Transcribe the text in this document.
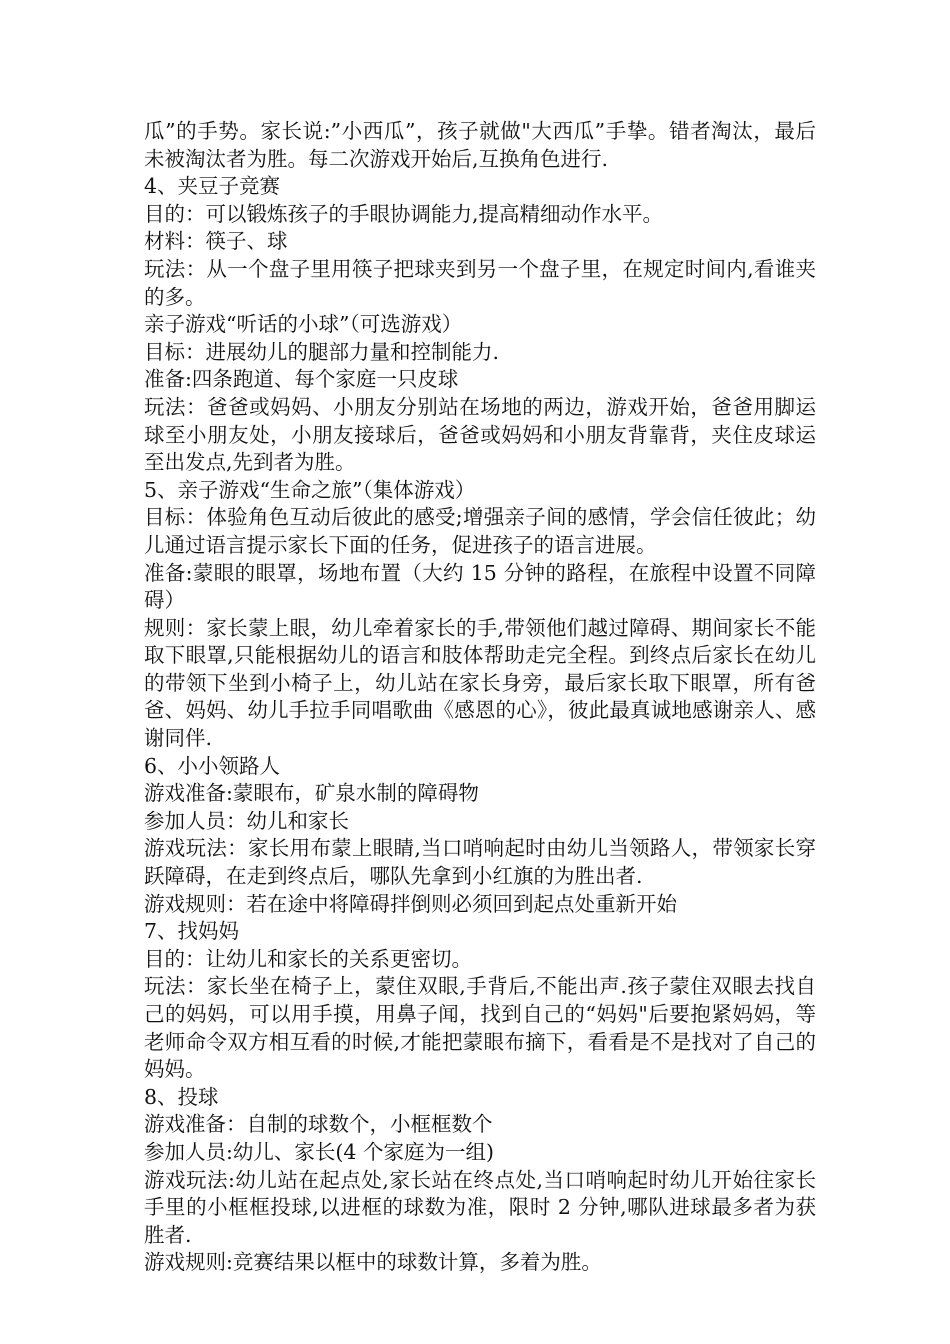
瓜”的手势。家长说:”小西瓜”，孩子就做"大西瓜”手挚。错者淘汰，最后未被淘汰者为胜。每二次游戏开始后,互换角色进行.

4、夹豆子竞赛

目的：可以锻炼孩子的手眼协调能力,提高精细动作水平。

材料：筷子、球

玩法：从一个盘子里用筷子把球夹到另一个盘子里，在规定时间内,看谁夹的多。

亲子游戏“听话的小球”（可选游戏）

目标：进展幼儿的腿部力量和控制能力.

准备:四条跑道、每个家庭一只皮球

玩法：爸爸或妈妈、小朋友分别站在场地的两边，游戏开始，爸爸用脚运球至小朋友处，小朋友接球后，爸爸或妈妈和小朋友背靠背，夹住皮球运至出发点,先到者为胜。

5、亲子游戏“生命之旅”（集体游戏）

目标：体验角色互动后彼此的感受;增强亲子间的感情，学会信任彼此；幼儿通过语言提示家长下面的任务，促进孩子的语言进展。

准备:蒙眼的眼罩，场地布置（大约 15 分钟的路程，在旅程中设置不同障碍）

规则：家长蒙上眼，幼儿牵着家长的手,带领他们越过障碍、期间家长不能取下眼罩,只能根据幼儿的语言和肢体帮助走完全程。到终点后家长在幼儿的带领下坐到小椅子上，幼儿站在家长身旁，最后家长取下眼罩，所有爸爸、妈妈、幼儿手拉手同唱歌曲《感恩的心》，彼此最真诚地感谢亲人、感谢同伴.

6、小小领路人

游戏准备:蒙眼布，矿泉水制的障碍物

参加人员：幼儿和家长

游戏玩法：家长用布蒙上眼睛,当口哨响起时由幼儿当领路人，带领家长穿跃障碍，在走到终点后，哪队先拿到小红旗的为胜出者.

游戏规则：若在途中将障碍拌倒则必须回到起点处重新开始

7、找妈妈

目的：让幼儿和家长的关系更密切。

玩法：家长坐在椅子上，蒙住双眼,手背后,不能出声.孩子蒙住双眼去找自己的妈妈，可以用手摸，用鼻子闻，找到自己的“妈妈"后要抱紧妈妈，等老师命令双方相互看的时候,才能把蒙眼布摘下，看看是不是找对了自己的妈妈。

8、投球

游戏准备：自制的球数个，小框框数个

参加人员:幼儿、家长(4 个家庭为一组)

游戏玩法:幼儿站在起点处,家长站在终点处,当口哨响起时幼儿开始往家长手里的小框框投球,以进框的球数为准，限时 2 分钟,哪队进球最多者为获胜者.

游戏规则:竞赛结果以框中的球数计算，多着为胜。
